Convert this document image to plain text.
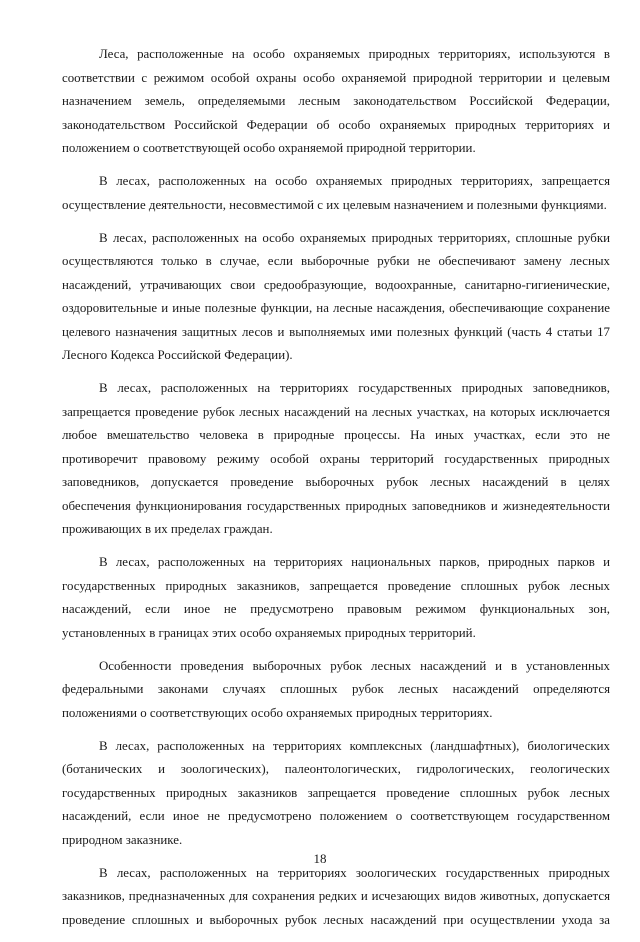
Леса, расположенные на особо охраняемых природных территориях, используются в соответствии с режимом особой охраны особо охраняемой природной территории и целевым назначением земель, определяемыми лесным законодательством Российской Федерации, законодательством Российской Федерации об особо охраняемых природных территориях и положением о соответствующей особо охраняемой природной территории.

В лесах, расположенных на особо охраняемых природных территориях, запрещается осуществление деятельности, несовместимой с их целевым назначением и полезными функциями.

В лесах, расположенных на особо охраняемых природных территориях, сплошные рубки осуществляются только в случае, если выборочные рубки не обеспечивают замену лесных насаждений, утрачивающих свои средообразующие, водоохранные, санитарно-гигиенические, оздоровительные и иные полезные функции, на лесные насаждения, обеспечивающие сохранение целевого назначения защитных лесов и выполняемых ими полезных функций (часть 4 статьи 17 Лесного Кодекса Российской Федерации).

В лесах, расположенных на территориях государственных природных заповедников, запрещается проведение рубок лесных насаждений на лесных участках, на которых исключается любое вмешательство человека в природные процессы. На иных участках, если это не противоречит правовому режиму особой охраны территорий государственных природных заповедников, допускается проведение выборочных рубок лесных насаждений в целях обеспечения функционирования государственных природных заповедников и жизнедеятельности проживающих в их пределах граждан.

В лесах, расположенных на территориях национальных парков, природных парков и государственных природных заказников, запрещается проведение сплошных рубок лесных насаждений, если иное не предусмотрено правовым режимом функциональных зон, установленных в границах этих особо охраняемых природных территорий.

Особенности проведения выборочных рубок лесных насаждений и в установленных федеральными законами случаях сплошных рубок лесных насаждений определяются положениями о соответствующих особо охраняемых природных территориях.

В лесах, расположенных на территориях комплексных (ландшафтных), биологических (ботанических и зоологических), палеонтологических, гидрологических, геологических государственных природных заказников запрещается проведение сплошных рубок лесных насаждений, если иное не предусмотрено положением о соответствующем государственном природном заказнике.

В лесах, расположенных на территориях зоологических государственных природных заказников, предназначенных для сохранения редких и исчезающих видов животных, допускается проведение сплошных и выборочных рубок лесных насаждений при осуществлении ухода за

18
